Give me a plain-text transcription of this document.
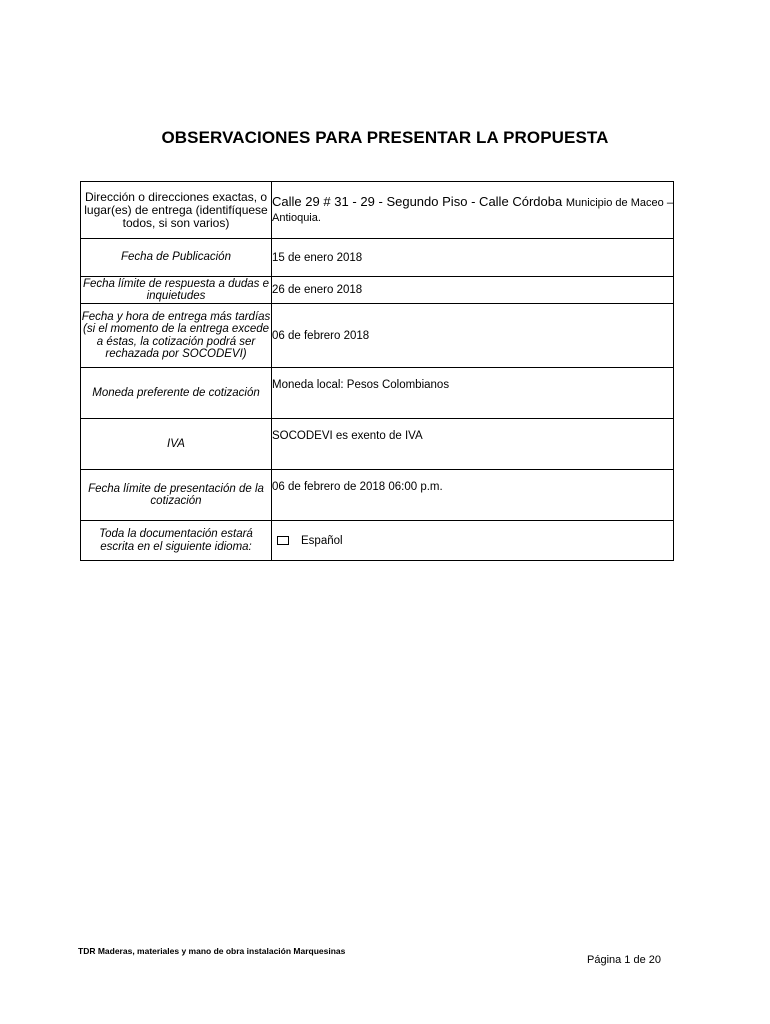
OBSERVACIONES PARA PRESENTAR LA PROPUESTA
Dirección o direcciones exactas, o lugar(es) de entrega (identifíquese todos, si son varios)	Calle 29 # 31 - 29 - Segundo Piso - Calle Córdoba Municipio de Maceo – Antioquia.

Fecha de Publicación	15 de enero 2018
Fecha límite de respuesta a dudas e inquietudes	26 de enero 2018
Fecha y hora de entrega más tardías (si el momento de la entrega excede a éstas, la cotización podrá ser rechazada por SOCODEVI)	06 de febrero 2018
Moneda preferente de cotización	Moneda local: Pesos Colombianos
IVA	SOCODEVI es exento de IVA
Fecha límite de presentación de la cotización	06 de febrero de 2018 06:00 p.m.
Toda la documentación estará escrita en el siguiente idioma:	Español
TDR Maderas, materiales y mano de obra instalación Marquesinas
Página 1 de 20
